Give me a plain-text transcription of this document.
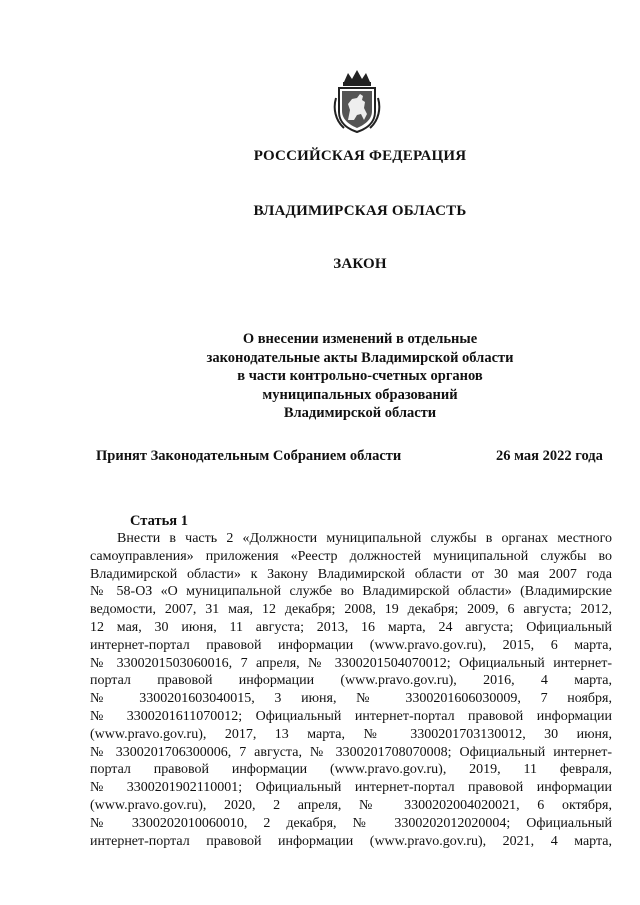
РОССИЙСКАЯ ФЕДЕРАЦИЯ
ВЛАДИМИРСКАЯ ОБЛАСТЬ
ЗАКОН
О внесении изменений в отдельные
законодательные акты Владимирской области
в части контрольно-счетных органов
муниципальных образований
Владимирской области
Принят Законодательным Собранием области	26 мая 2022 года
Статья 1
Внести в часть 2 «Должности муниципальной службы в органах местного
самоуправления» приложения «Реестр должностей муниципальной службы во
Владимирской области» к Закону Владимирской области от 30 мая 2007 года
№ 58-ОЗ «О муниципальной службе во Владимирской области» (Владимирские
ведомости, 2007, 31 мая, 12 декабря; 2008, 19 декабря; 2009, 6 августа; 2012,
12 мая, 30 июня, 11 августа; 2013, 16 марта, 24 августа; Официальный
интернет-портал правовой информации (www.pravo.gov.ru), 2015, 6 марта,
№ 3300201503060016, 7 апреля, № 3300201504070012; Официальный интернет-
портал правовой информации (www.pravo.gov.ru), 2016, 4 марта,
№ 3300201603040015, 3 июня, № 3300201606030009, 7 ноября,
№ 3300201611070012; Официальный интернет-портал правовой информации
(www.pravo.gov.ru), 2017, 13 марта, № 3300201703130012, 30 июня,
№ 3300201706300006, 7 августа, № 3300201708070008; Официальный интернет-
портал правовой информации (www.pravo.gov.ru), 2019, 11 февраля,
№ 3300201902110001; Официальный интернет-портал правовой информации
(www.pravo.gov.ru), 2020, 2 апреля, № 3300202004020021, 6 октября,
№ 3300202010060010, 2 декабря, № 3300202012020004; Официальный
интернет-портал правовой информации (www.pravo.gov.ru), 2021, 4 марта,
